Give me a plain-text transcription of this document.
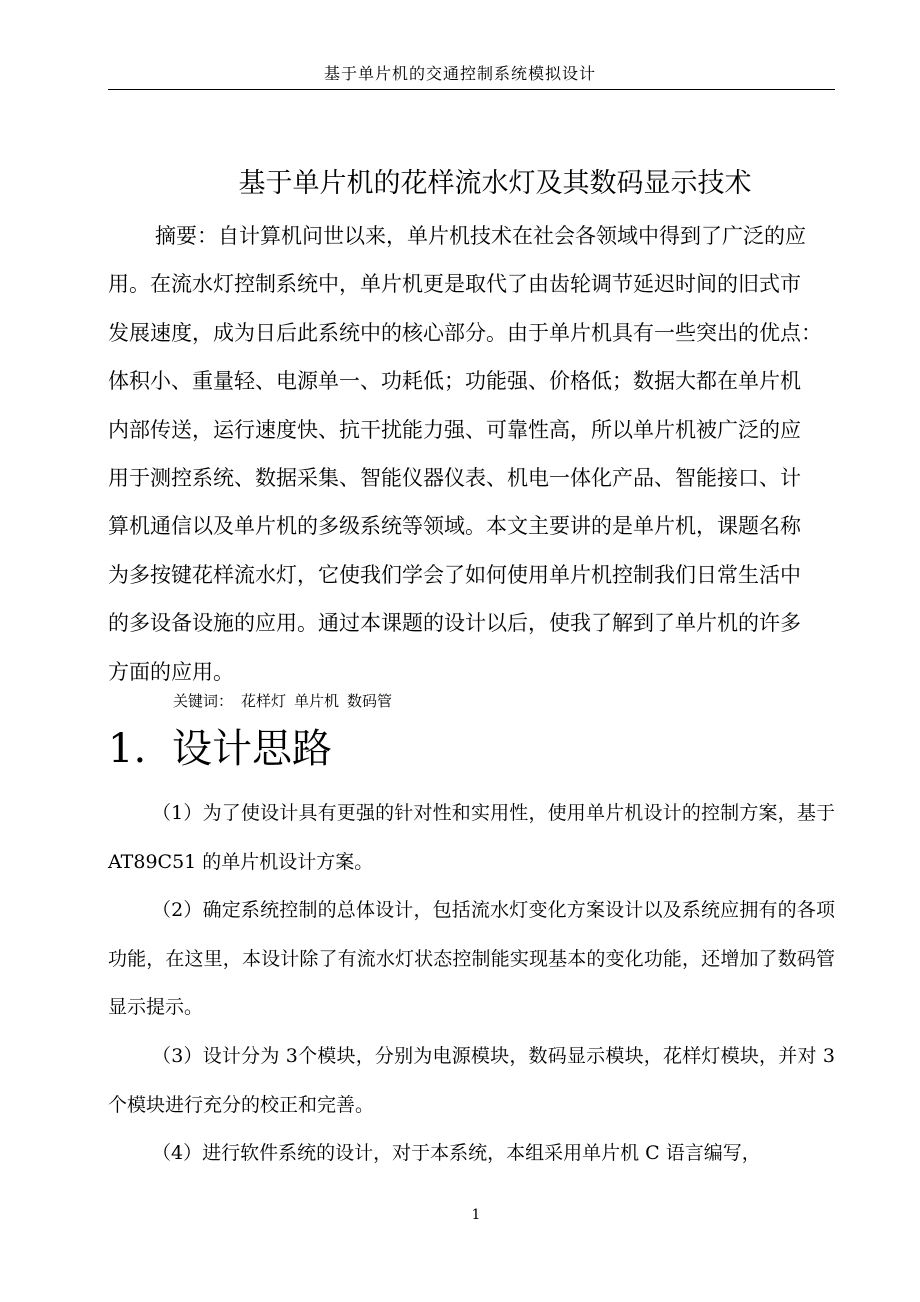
基于单片机的交通控制系统模拟设计
基于单片机的花样流水灯及其数码显示技术
摘要：自计算机问世以来，单片机技术在社会各领域中得到了广泛的应
用。在流水灯控制系统中，单片机更是取代了由齿轮调节延迟时间的旧式市
发展速度，成为日后此系统中的核心部分。由于单片机具有一些突出的优点：
体积小、重量轻、电源单一、功耗低；功能强、价格低；数据大都在单片机
内部传送，运行速度快、抗干扰能力强、可靠性高，所以单片机被广泛的应
用于测控系统、数据采集、智能仪器仪表、机电一体化产品、智能接口、计
算机通信以及单片机的多级系统等领域。本文主要讲的是单片机，课题名称
为多按键花样流水灯，它使我们学会了如何使用单片机控制我们日常生活中
的多设备设施的应用。通过本课题的设计以后，使我了解到了单片机的许多
方面的应用。
关键词： 花样灯 单片机 数码管
1. 设计思路

（1）为了使设计具有更强的针对性和实用性，使用单片机设计的控制方案，基于 AT89C51 的单片机设计方案。

（2）确定系统控制的总体设计，包括流水灯变化方案设计以及系统应拥有的各项功能，在这里，本设计除了有流水灯状态控制能实现基本的变化功能，还增加了数码管显示提示。

（3）设计分为 3个模块，分别为电源模块，数码显示模块，花样灯模块，并对 3 个模块进行充分的校正和完善。

（4）进行软件系统的设计，对于本系统，本组采用单片机 C 语言编写，

1
